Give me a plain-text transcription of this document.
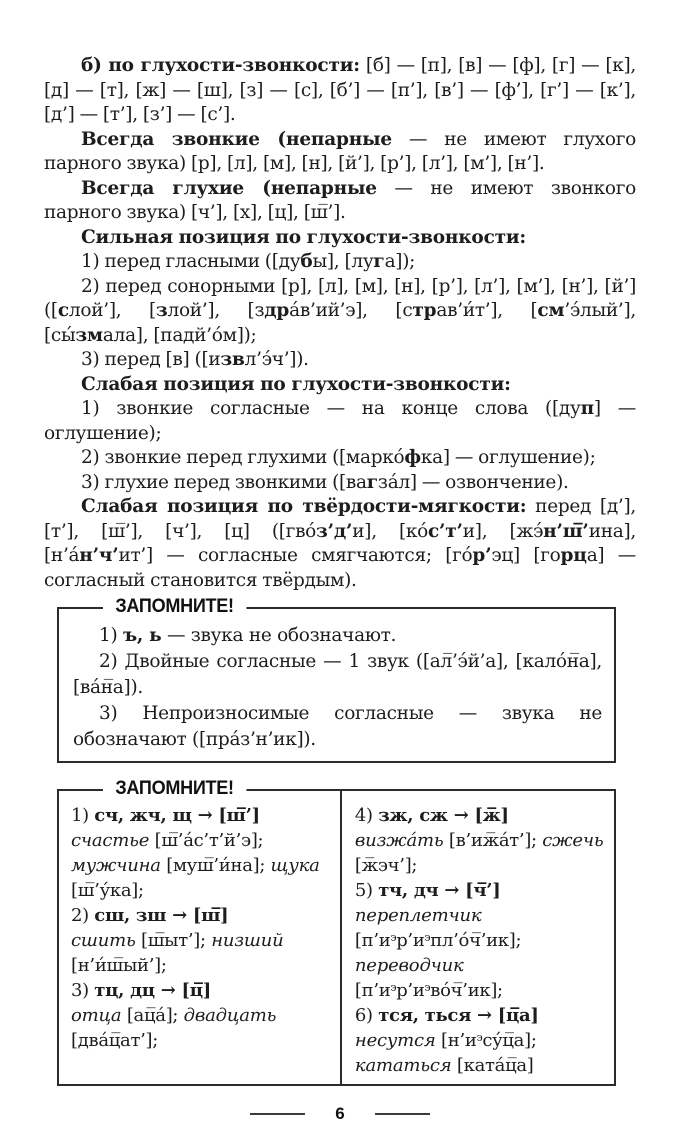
б) по глухости-звонкости: [б] — [п], [в] — [ф], [г] — [к], [д] — [т], [ж] — [ш], [з] — [с], [б’] — [п’], [в’] — [ф’], [г’] — [к’], [д’] — [т’], [з’] — [с’].

Всегда звонкие (непарные — не имеют глухого парного звука) [р], [л], [м], [н], [й’], [р’], [л’], [м’], [н’].

Всегда глухие (непарные — не имеют звонкого парного звука) [ч’], [х], [ц], [ш̅’].

Сильная позиция по глухости-звонкости:

1) перед гласными ([дубы], [луга]);

2) перед сонорными [р], [л], [м], [н], [р’], [л’], [м’], [н’], [й’] ([слой’], [злой’], [здра́в’ий’э], [страв’и́т’], [см’э́лый’], [сы́змала], [падй’о́м]);

3) перед [в] ([извл’э́ч’]).

Слабая позиция по глухости-звонкости:

1) звонкие согласные — на конце слова ([дуп] — оглушение);

2) звонкие перед глухими ([марко́фка] — оглушение);

3) глухие перед звонкими ([вагза́л] — озвончение).

Слабая позиция по твёрдости-мягкости: перед [д’], [т’], [ш̅’], [ч’], [ц] ([гво́з’д’и], [ко́с’т’и], [жэ́н’ш̅’ина], [н’а́н’ч’ит’] — согласные смягчаются; [го́р’эц] [горца] — согласный становится твёрдым).

ЗАПОМНИТЕ!

1) ъ, ь — звука не обозначают.

2) Двойные согласные — 1 звук ([ал̅’э́й’а], [кало́н̅а], [ва́н̅а]).

3) Непроизносимые согласные — звука не обозначают ([пра́з’н’ик]).

ЗАПОМНИТЕ!

1) сч, жч, щ → [ш̅’]

счастье [ш̅’а́с’т’й’э]; мужчина [муш̅’и́на]; щука [ш̅’у́ка];

2) сш, зш → [ш̅]

сшить [ш̅ыт’]; низший [н’и́ш̅ый’];

3) тц, дц → [ц̅]

отца [ац̅а́]; двадцать [два́ц̅ат’];

4) зж, сж → [ж̅]

визжа́ть [в’иж̅а́т’]; сжечь [ж̅эч’];

5) тч, дч → [ч̅’]

переплетчик $[п’и^эр’и^эпл’о́ч̅’ик]$; переводчик $[п’и^эр’и^эво́ч̅’ик]$;

6) тся, ться → [ц̅а]

несутся $[н’и^эсу́ц̅а]$; кататься [ката́ц̅а]

6
